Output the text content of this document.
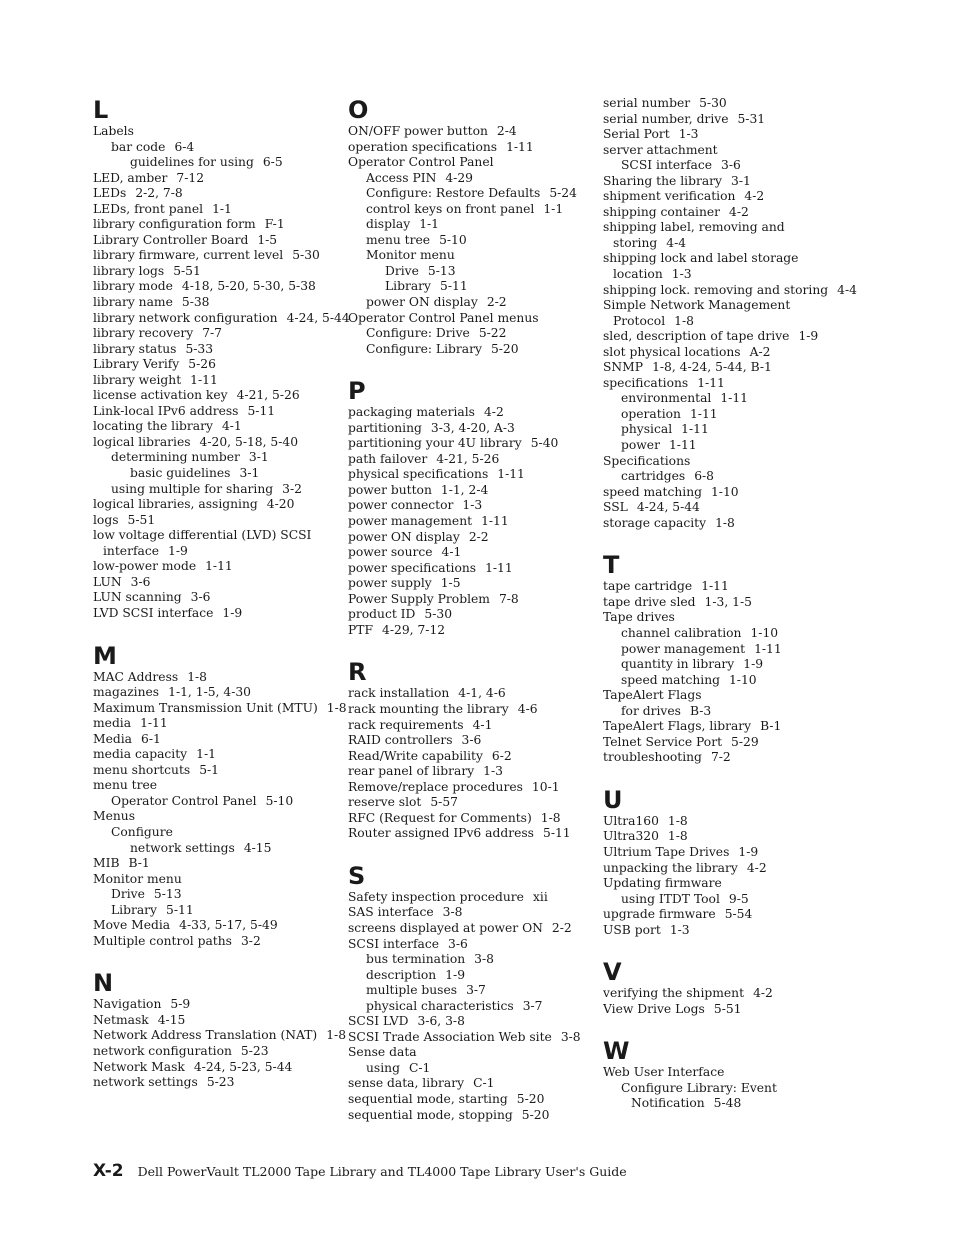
L
Labels
bar code 6-4
guidelines for using 6-5
LED, amber 7-12
LEDs 2-2, 7-8
LEDs, front panel 1-1
library configuration form F-1
Library Controller Board 1-5
library firmware, current level 5-30
library logs 5-51
library mode 4-18, 5-20, 5-30, 5-38
library name 5-38
library network configuration 4-24, 5-44
library recovery 7-7
library status 5-33
Library Verify 5-26
library weight 1-11
license activation key 4-21, 5-26
Link-local IPv6 address 5-11
locating the library 4-1
logical libraries 4-20, 5-18, 5-40
determining number 3-1
basic guidelines 3-1
using multiple for sharing 3-2
logical libraries, assigning 4-20
logs 5-51
low voltage differential (LVD) SCSI
interface 1-9
low-power mode 1-11
LUN 3-6
LUN scanning 3-6
LVD SCSI interface 1-9
M
MAC Address 1-8
magazines 1-1, 1-5, 4-30
Maximum Transmission Unit (MTU) 1-8
media 1-11
Media 6-1
media capacity 1-1
menu shortcuts 5-1
menu tree
Operator Control Panel 5-10
Menus
Configure
network settings 4-15
MIB B-1
Monitor menu
Drive 5-13
Library 5-11
Move Media 4-33, 5-17, 5-49
Multiple control paths 3-2
N
Navigation 5-9
Netmask 4-15
Network Address Translation (NAT) 1-8
network configuration 5-23
Network Mask 4-24, 5-23, 5-44
network settings 5-23
O
ON/OFF power button 2-4
operation specifications 1-11
Operator Control Panel
Access PIN 4-29
Configure: Restore Defaults 5-24
control keys on front panel 1-1
display 1-1
menu tree 5-10
Monitor menu
Drive 5-13
Library 5-11
power ON display 2-2
Operator Control Panel menus
Configure: Drive 5-22
Configure: Library 5-20
P
packaging materials 4-2
partitioning 3-3, 4-20, A-3
partitioning your 4U library 5-40
path failover 4-21, 5-26
physical specifications 1-11
power button 1-1, 2-4
power connector 1-3
power management 1-11
power ON display 2-2
power source 4-1
power specifications 1-11
power supply 1-5
Power Supply Problem 7-8
product ID 5-30
PTF 4-29, 7-12
R
rack installation 4-1, 4-6
rack mounting the library 4-6
rack requirements 4-1
RAID controllers 3-6
Read/Write capability 6-2
rear panel of library 1-3
Remove/replace procedures 10-1
reserve slot 5-57
RFC (Request for Comments) 1-8
Router assigned IPv6 address 5-11
S
Safety inspection procedure xii
SAS interface 3-8
screens displayed at power ON 2-2
SCSI interface 3-6
bus termination 3-8
description 1-9
multiple buses 3-7
physical characteristics 3-7
SCSI LVD 3-6, 3-8
SCSI Trade Association Web site 3-8
Sense data
using C-1
sense data, library C-1
sequential mode, starting 5-20
sequential mode, stopping 5-20
serial number 5-30
serial number, drive 5-31
Serial Port 1-3
server attachment
SCSI interface 3-6
Sharing the library 3-1
shipment verification 4-2
shipping container 4-2
shipping label, removing and
storing 4-4
shipping lock and label storage
location 1-3
shipping lock. removing and storing 4-4
Simple Network Management
Protocol 1-8
sled, description of tape drive 1-9
slot physical locations A-2
SNMP 1-8, 4-24, 5-44, B-1
specifications 1-11
environmental 1-11
operation 1-11
physical 1-11
power 1-11
Specifications
cartridges 6-8
speed matching 1-10
SSL 4-24, 5-44
storage capacity 1-8
T
tape cartridge 1-11
tape drive sled 1-3, 1-5
Tape drives
channel calibration 1-10
power management 1-11
quantity in library 1-9
speed matching 1-10
TapeAlert Flags
for drives B-3
TapeAlert Flags, library B-1
Telnet Service Port 5-29
troubleshooting 7-2
U
Ultra160 1-8
Ultra320 1-8
Ultrium Tape Drives 1-9
unpacking the library 4-2
Updating firmware
using ITDT Tool 9-5
upgrade firmware 5-54
USB port 1-3
V
verifying the shipment 4-2
View Drive Logs 5-51
W
Web User Interface
Configure Library: Event
Notification 5-48
X-2 Dell PowerVault TL2000 Tape Library and TL4000 Tape Library User's Guide
